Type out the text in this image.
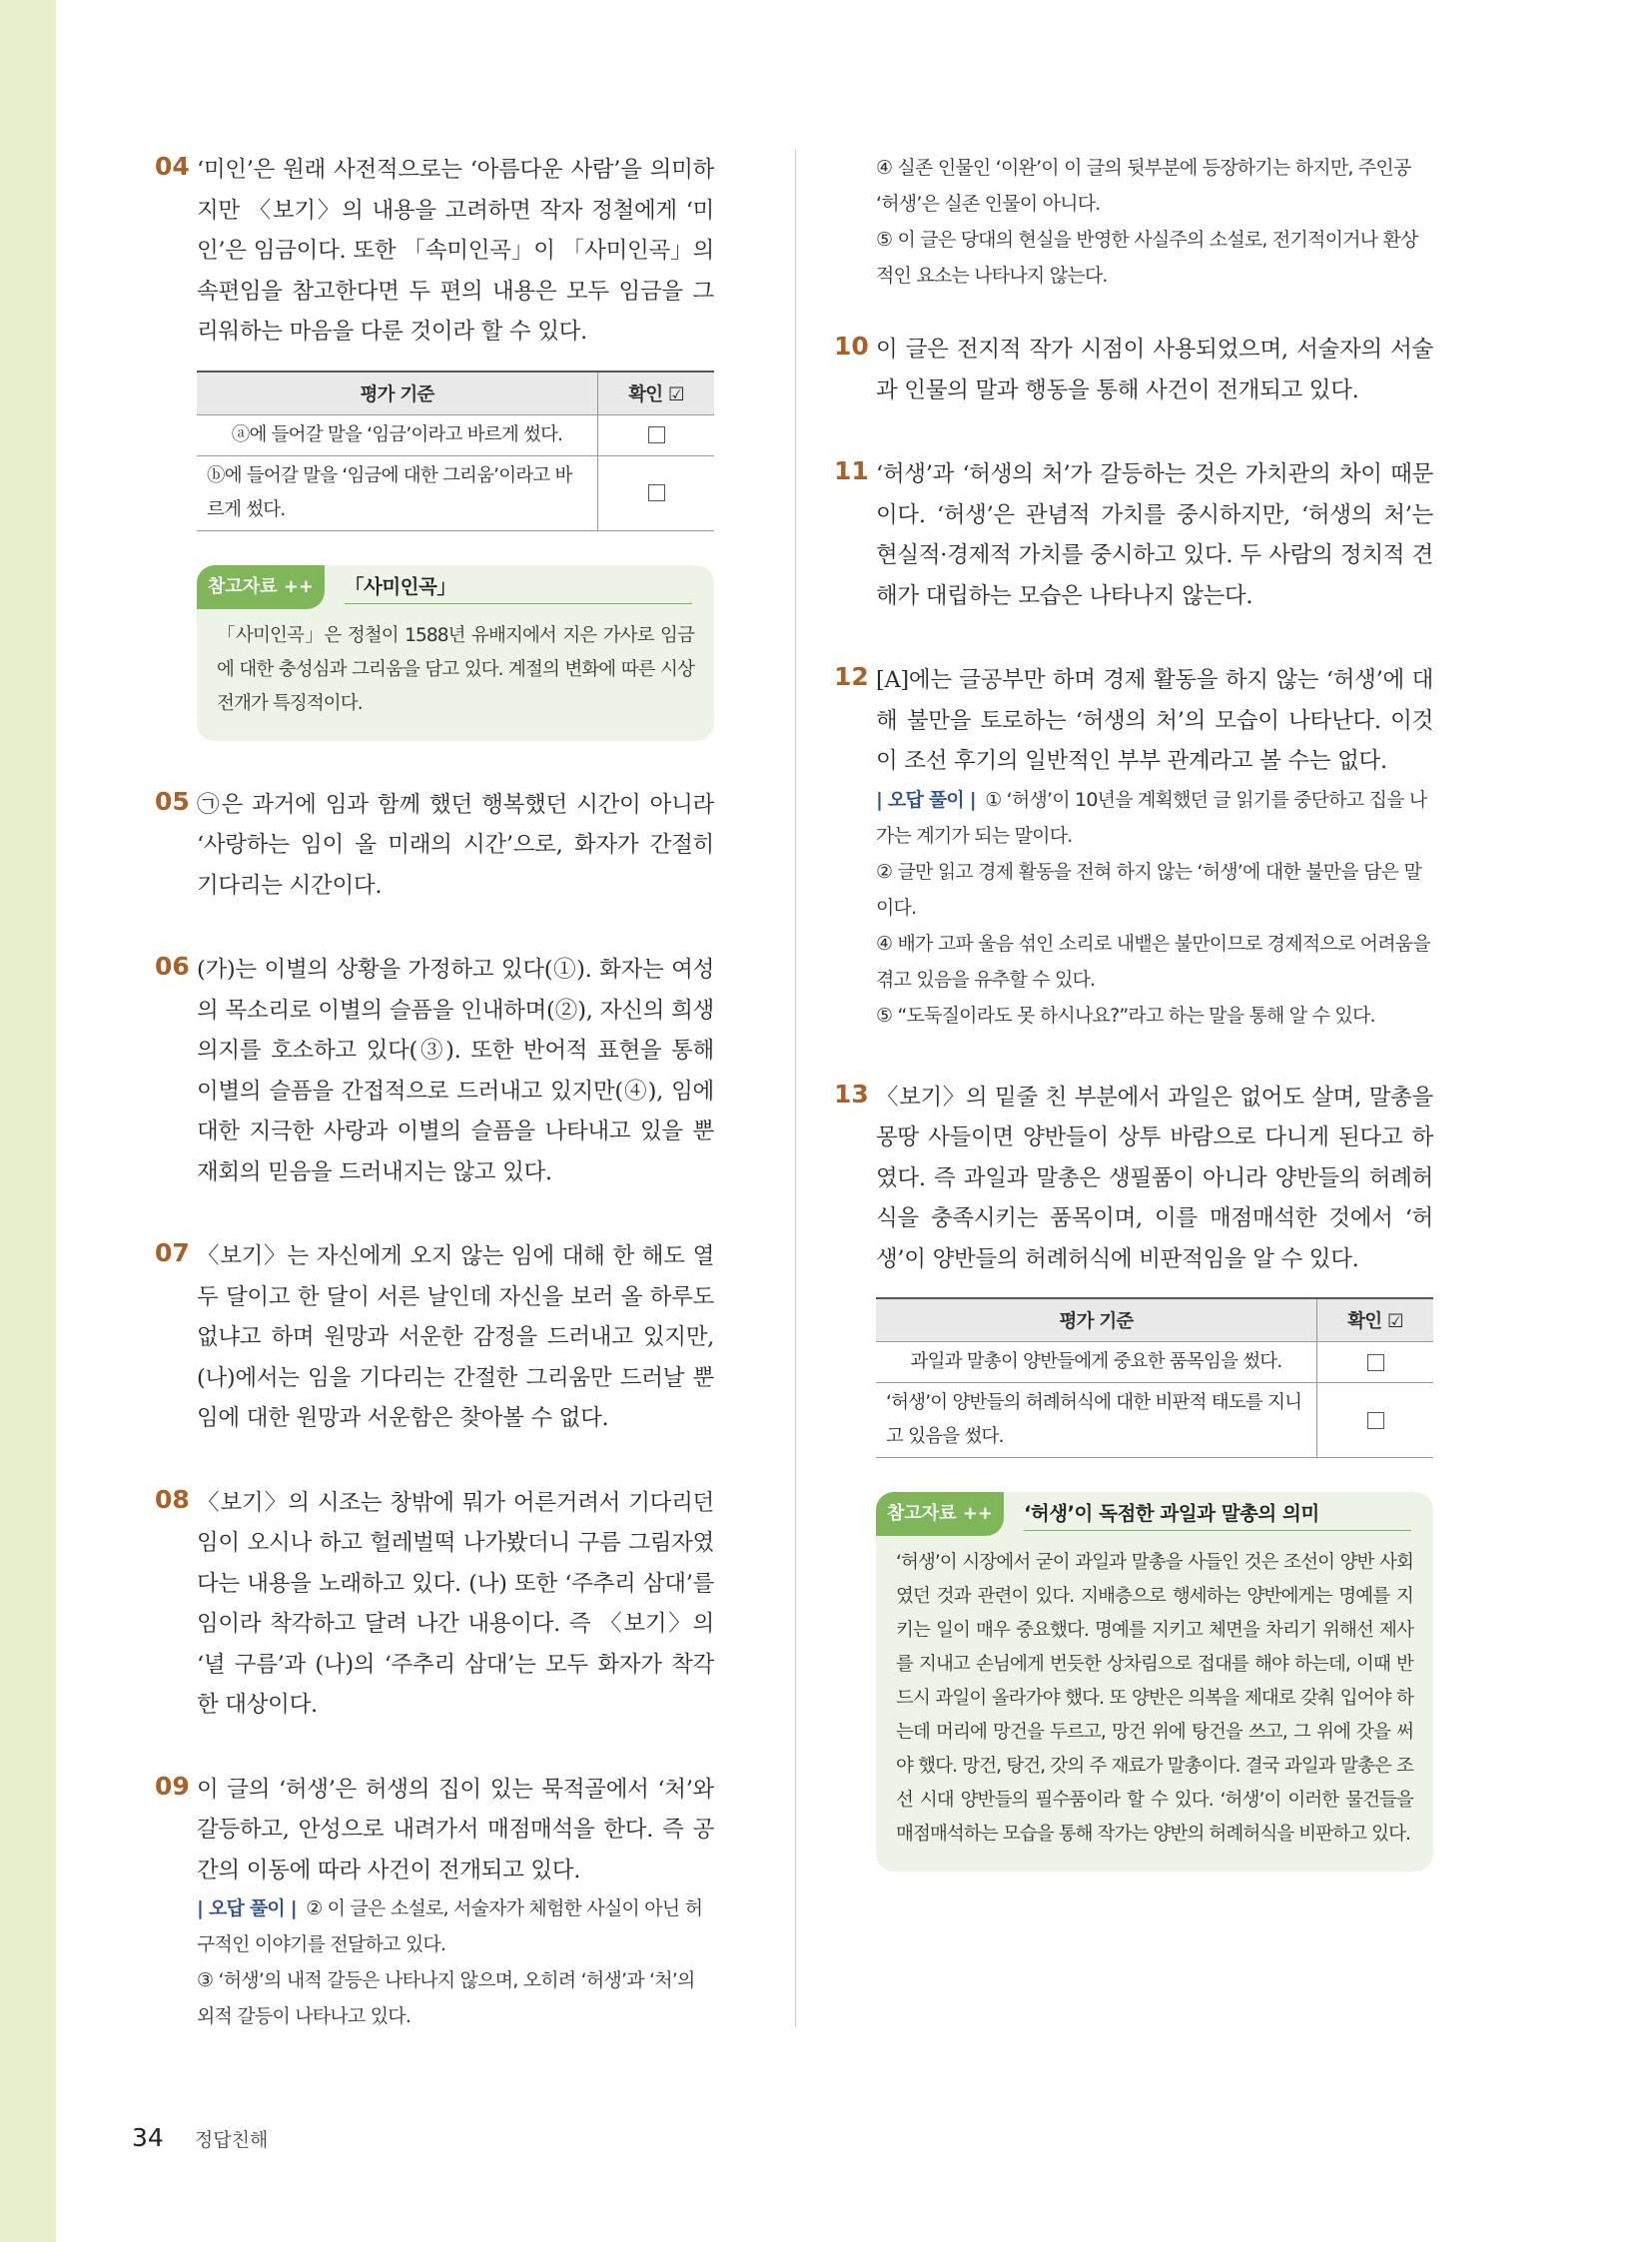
04 ‘미인’은 원래 사전적으로는 ‘아름다운 사람’을 의미하지만 〈보기〉의 내용을 고려하면 작자 정철에게 ‘미인’은 임금이다. 또한 「속미인곡」이 「사미인곡」의 속편임을 참고한다면 두 편의 내용은 모두 임금을 그리워하는 마음을 다룬 것이라 할 수 있다.
평가 기준	확인 ☑
ⓐ에 들어갈 말을 ‘임금’이라고 바르게 썼다.	
ⓑ에 들어갈 말을 ‘임금에 대한 그리움’이라고 바르게 썼다.	
참고자료 ++	「사미인곡」
「사미인곡」은 정철이 1588년 유배지에서 지은 가사로 임금에 대한 충성심과 그리움을 담고 있다. 계절의 변화에 따른 시상 전개가 특징적이다.
05 ㉠은 과거에 임과 함께 했던 행복했던 시간이 아니라 ‘사랑하는 임이 올 미래의 시간’으로, 화자가 간절히 기다리는 시간이다.
06 (가)는 이별의 상황을 가정하고 있다(①). 화자는 여성의 목소리로 이별의 슬픔을 인내하며(②), 자신의 희생 의지를 호소하고 있다(③). 또한 반어적 표현을 통해 이별의 슬픔을 간접적으로 드러내고 있지만(④), 임에 대한 지극한 사랑과 이별의 슬픔을 나타내고 있을 뿐 재회의 믿음을 드러내지는 않고 있다.
07 〈보기〉는 자신에게 오지 않는 임에 대해 한 해도 열두 달이고 한 달이 서른 날인데 자신을 보러 올 하루도 없냐고 하며 원망과 서운한 감정을 드러내고 있지만, (나)에서는 임을 기다리는 간절한 그리움만 드러날 뿐 임에 대한 원망과 서운함은 찾아볼 수 없다.
08 〈보기〉의 시조는 창밖에 뭐가 어른거려서 기다리던 임이 오시나 하고 헐레벌떡 나가봤더니 구름 그림자였다는 내용을 노래하고 있다. (나) 또한 ‘주추리 삼대’를 임이라 착각하고 달려 나간 내용이다. 즉 〈보기〉의 ‘녈 구름’과 (나)의 ‘주추리 삼대’는 모두 화자가 착각한 대상이다.
09 이 글의 ‘허생’은 허생의 집이 있는 묵적골에서 ‘처’와 갈등하고, 안성으로 내려가서 매점매석을 한다. 즉 공간의 이동에 따라 사건이 전개되고 있다.
| 오답 풀이 | ② 이 글은 소설로, 서술자가 체험한 사실이 아닌 허구적인 이야기를 전달하고 있다.
③ ‘허생’의 내적 갈등은 나타나지 않으며, 오히려 ‘허생’과 ‘처’의 외적 갈등이 나타나고 있다.
④ 실존 인물인 ‘이완’이 이 글의 뒷부분에 등장하기는 하지만, 주인공 ‘허생’은 실존 인물이 아니다.
⑤ 이 글은 당대의 현실을 반영한 사실주의 소설로, 전기적이거나 환상적인 요소는 나타나지 않는다.
10 이 글은 전지적 작가 시점이 사용되었으며, 서술자의 서술과 인물의 말과 행동을 통해 사건이 전개되고 있다.
11 ‘허생’과 ‘허생의 처’가 갈등하는 것은 가치관의 차이 때문이다. ‘허생’은 관념적 가치를 중시하지만, ‘허생의 처’는 현실적·경제적 가치를 중시하고 있다. 두 사람의 정치적 견해가 대립하는 모습은 나타나지 않는다.
12 [A]에는 글공부만 하며 경제 활동을 하지 않는 ‘허생’에 대해 불만을 토로하는 ‘허생의 처’의 모습이 나타난다. 이것이 조선 후기의 일반적인 부부 관계라고 볼 수는 없다.
| 오답 풀이 | ① ‘허생’이 10년을 계획했던 글 읽기를 중단하고 집을 나가는 계기가 되는 말이다.
② 글만 읽고 경제 활동을 전혀 하지 않는 ‘허생’에 대한 불만을 담은 말이다.
④ 배가 고파 울음 섞인 소리로 내뱉은 불만이므로 경제적으로 어려움을 겪고 있음을 유추할 수 있다.
⑤ “도둑질이라도 못 하시나요?”라고 하는 말을 통해 알 수 있다.
13 〈보기〉의 밑줄 친 부분에서 과일은 없어도 살며, 말총을 몽땅 사들이면 양반들이 상투 바람으로 다니게 된다고 하였다. 즉 과일과 말총은 생필품이 아니라 양반들의 허례허식을 충족시키는 품목이며, 이를 매점매석한 것에서 ‘허생’이 양반들의 허례허식에 비판적임을 알 수 있다.
평가 기준	확인 ☑
과일과 말총이 양반들에게 중요한 품목임을 썼다.	
‘허생’이 양반들의 허례허식에 대한 비판적 태도를 지니고 있음을 썼다.	
참고자료 ++	‘허생’이 독점한 과일과 말총의 의미
‘허생’이 시장에서 굳이 과일과 말총을 사들인 것은 조선이 양반 사회였던 것과 관련이 있다. 지배층으로 행세하는 양반에게는 명예를 지키는 일이 매우 중요했다. 명예를 지키고 체면을 차리기 위해선 제사를 지내고 손님에게 번듯한 상차림으로 접대를 해야 하는데, 이때 반드시 과일이 올라가야 했다. 또 양반은 의복을 제대로 갖춰 입어야 하는데 머리에 망건을 두르고, 망건 위에 탕건을 쓰고, 그 위에 갓을 써야 했다. 망건, 탕건, 갓의 주 재료가 말총이다. 결국 과일과 말총은 조선 시대 양반들의 필수품이라 할 수 있다. ‘허생’이 이러한 물건들을 매점매석하는 모습을 통해 작가는 양반의 허례허식을 비판하고 있다.
34 정답친해
